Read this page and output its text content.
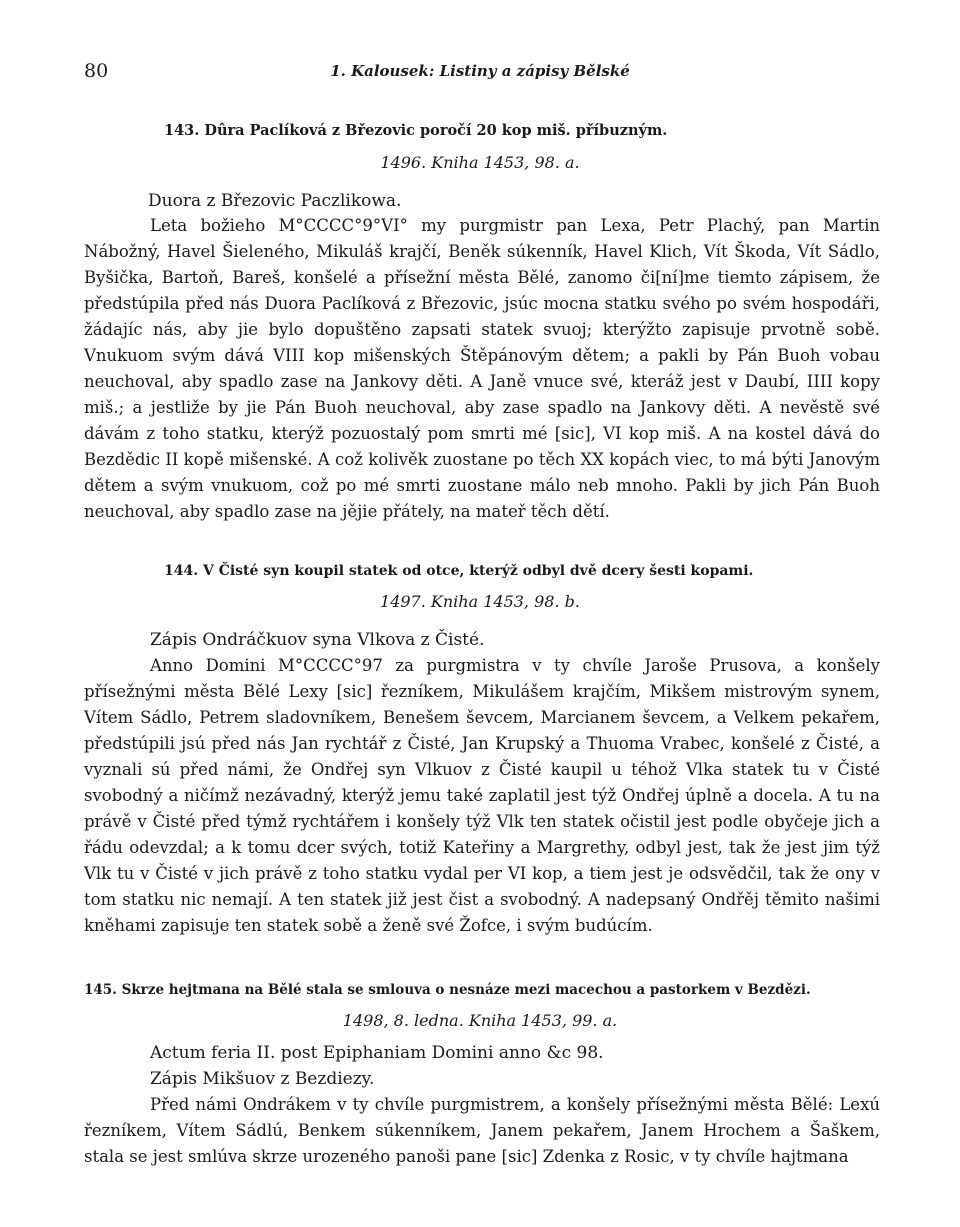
80	1. Kalousek: Listiny a zápisy Bělské
143. Dûra Paclíková z Březovic poročí 20 kop miš. příbuzným.
1496. Kniha 1453, 98. a.
Duora z Březovic Paczlikowa.
Leta božieho M°CCCC°9°VI° my purgmistr pan Lexa, Petr Plachý, pan Martin Nábožný, Havel Šieleného, Mikuláš krajčí, Beněk súkenník, Havel Klich, Vít Škoda, Vít Sádlo, Byšička, Bartoň, Bareš, konšelé a přísežní města Bělé, zanomo či[ní]me tiemto zápisem, že předstúpila před nás Duora Paclíková z Březovic, jsúc mocna statku svého po svém hospodáři, žádajíc nás, aby jie bylo dopuštěno zapsati statek svuoj; kterýžto zapisuje prvotně sobě. Vnukuom svým dává VIII kop mišenských Štěpánovým dětem; a pakli by Pán Buoh vobau neuchoval, aby spadlo zase na Jankovy děti. A Janě vnuce své, kteráž jest v Daubí, IIII kopy miš.; a jestliže by jie Pán Buoh neuchoval, aby zase spadlo na Jankovy děti. A nevěstě své dávám z toho statku, kterýž pozuostalý pom smrti mé [sic], VI kop miš. A na kostel dává do Bezdědic II kopě mišenské. A což kolivěk zuostane po těch XX kopách viec, to má býti Janovým dětem a svým vnukuom, což po mé smrti zuostane málo neb mnoho. Pakli by jich Pán Buoh neuchoval, aby spadlo zase na jějie přátely, na mateř těch dětí.
144. V Čisté syn koupil statek od otce, kterýž odbyl dvě dcery šesti kopami.
1497. Kniha 1453, 98. b.
Zápis Ondráčkuov syna Vlkova z Čisté.
Anno Domini M°CCCC°97 za purgmistra v ty chvíle Jaroše Prusova, a konšely přísežnými města Bělé Lexy [sic] řezníkem, Mikulášem krajčím, Mikšem mistrovým synem, Vítem Sádlo, Petrem sladovníkem, Benešem ševcem, Marcianem ševcem, a Velkem pekařem, předstúpili jsú před nás Jan rychtář z Čisté, Jan Krupský a Thuoma Vrabec, konšelé z Čisté, a vyznali sú před námi, že Ondřej syn Vlkuov z Čisté kaupil u téhož Vlka statek tu v Čisté svobodný a ničímž nezávadný, kterýž jemu také zaplatil jest týž Ondřej úplně a docela. A tu na právě v Čisté před týmž rychtářem i konšely týž Vlk ten statek očistil jest podle obyčeje jich a řádu odevzdal; a k tomu dcer svých, totiž Kateřiny a Margrethy, odbyl jest, tak že jest jim týž Vlk tu v Čisté v jich právě z toho statku vydal per VI kop, a tiem jest je odsvědčil, tak že ony v tom statku nic nemají. A ten statek již jest čist a svobodný. A nadepsaný Ondřěj těmito našimi kněhami zapisuje ten statek sobě a ženě své Žofce, i svým budúcím.
145. Skrze hejtmana na Bělé stala se smlouva o nesnáze mezi macechou a pastorkem v Bezdězi.
1498, 8. ledna. Kniha 1453, 99. a.
Actum feria II. post Epiphaniam Domini anno &c 98.
Zápis Mikšuov z Bezdiezy.
Před námi Ondrákem v ty chvíle purgmistrem, a konšely přísežnými města Bělé: Lexú řezníkem, Vítem Sádlú, Benkem súkenníkem, Janem pekařem, Janem Hrochem a Šaškem, stala se jest smlúva skrze urozeného panoši pane [sic] Zdenka z Rosic, v ty chvíle hajtmana
